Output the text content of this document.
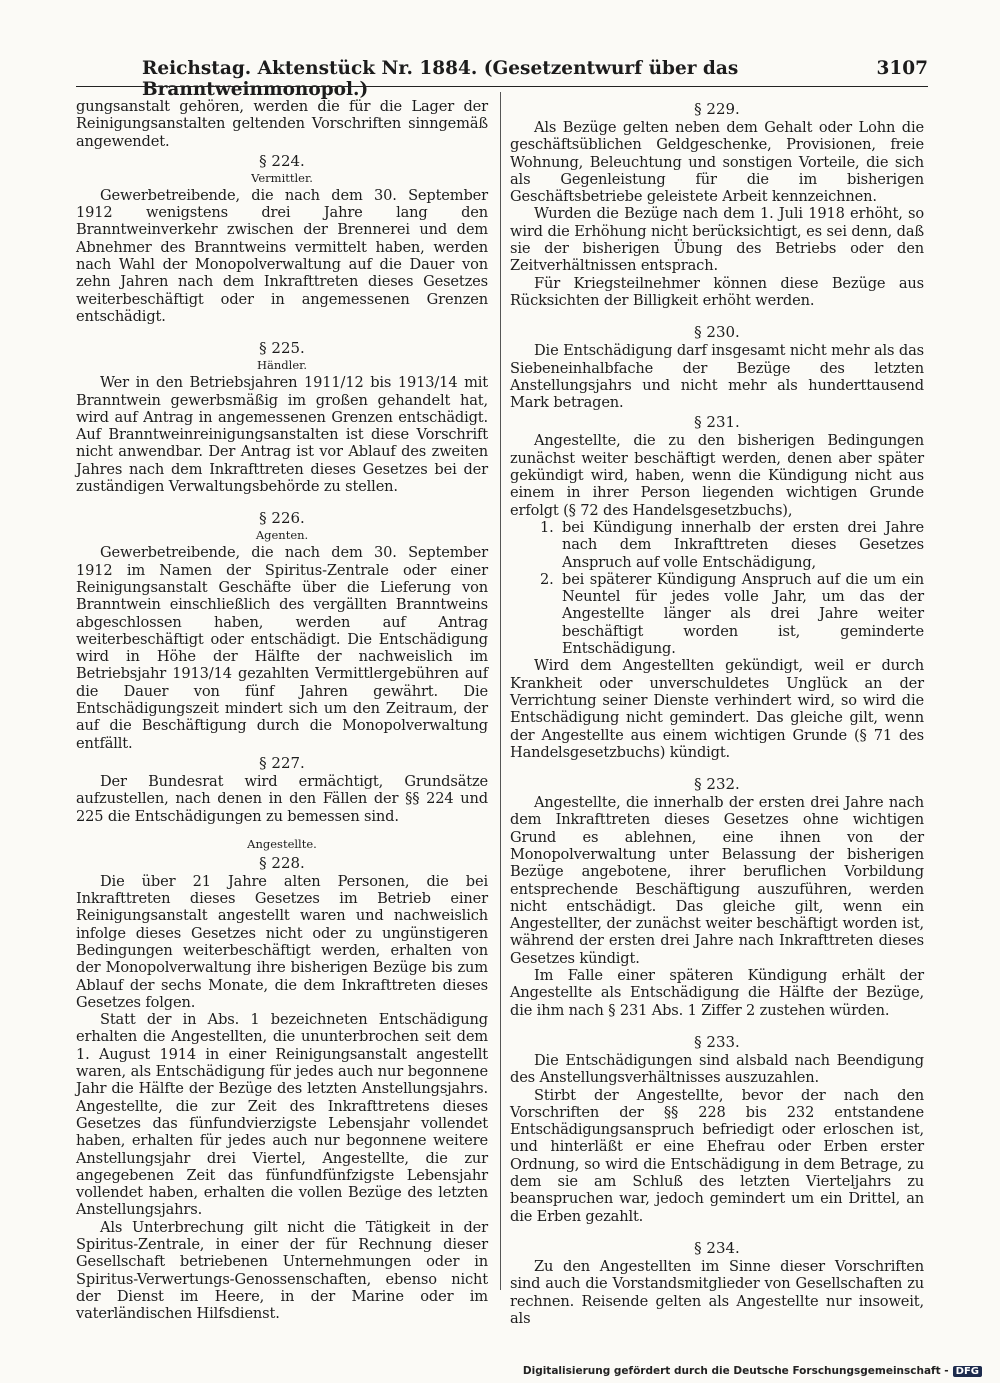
Reichstag. Aktenstück Nr. 1884. (Gesetzentwurf über das Branntweinmonopol.)
3107

gungsanstalt gehören, werden die für die Lager der Reinigungsanstalten geltenden Vorschriften sinngemäß angewendet.

§ 224.
Vermittler.

Gewerbetreibende, die nach dem 30. September 1912 wenigstens drei Jahre lang den Branntweinverkehr zwischen der Brennerei und dem Abnehmer des Branntweins vermittelt haben, werden nach Wahl der Monopolverwaltung auf die Dauer von zehn Jahren nach dem Inkrafttreten dieses Gesetzes weiterbeschäftigt oder in angemessenen Grenzen entschädigt.

§ 225.
Händler.

Wer in den Betriebsjahren 1911/12 bis 1913/14 mit Branntwein gewerbsmäßig im großen gehandelt hat, wird auf Antrag in angemessenen Grenzen entschädigt. Auf Branntweinreinigungsanstalten ist diese Vorschrift nicht anwendbar. Der Antrag ist vor Ablauf des zweiten Jahres nach dem Inkrafttreten dieses Gesetzes bei der zuständigen Verwaltungsbehörde zu stellen.

§ 226.
Agenten.

Gewerbetreibende, die nach dem 30. September 1912 im Namen der Spiritus-Zentrale oder einer Reinigungsanstalt Geschäfte über die Lieferung von Branntwein einschließlich des vergällten Branntweins abgeschlossen haben, werden auf Antrag weiterbeschäftigt oder entschädigt. Die Entschädigung wird in Höhe der Hälfte der nachweislich im Betriebsjahr 1913/14 gezahlten Vermittlergebühren auf die Dauer von fünf Jahren gewährt. Die Entschädigungszeit mindert sich um den Zeitraum, der auf die Beschäftigung durch die Monopolverwaltung entfällt.

§ 227.

Der Bundesrat wird ermächtigt, Grundsätze aufzustellen, nach denen in den Fällen der §§ 224 und 225 die Entschädigungen zu bemessen sind.

Angestellte.
§ 228.

Die über 21 Jahre alten Personen, die bei Inkrafttreten dieses Gesetzes im Betrieb einer Reinigungsanstalt angestellt waren und nachweislich infolge dieses Gesetzes nicht oder zu ungünstigeren Bedingungen weiterbeschäftigt werden, erhalten von der Monopolverwaltung ihre bisherigen Bezüge bis zum Ablauf der sechs Monate, die dem Inkrafttreten dieses Gesetzes folgen.

Statt der in Abs. 1 bezeichneten Entschädigung erhalten die Angestellten, die ununterbrochen seit dem 1. August 1914 in einer Reinigungsanstalt angestellt waren, als Entschädigung für jedes auch nur begonnene Jahr die Hälfte der Bezüge des letzten Anstellungsjahrs. Angestellte, die zur Zeit des Inkrafttretens dieses Gesetzes das fünfundvierzigste Lebensjahr vollendet haben, erhalten für jedes auch nur begonnene weitere Anstellungsjahr drei Viertel, Angestellte, die zur angegebenen Zeit das fünfundfünfzigste Lebensjahr vollendet haben, erhalten die vollen Bezüge des letzten Anstellungsjahrs.

Als Unterbrechung gilt nicht die Tätigkeit in der Spiritus-Zentrale, in einer der für Rechnung dieser Gesellschaft betriebenen Unternehmungen oder in Spiritus-Verwertungs-Genossenschaften, ebenso nicht der Dienst im Heere, in der Marine oder im vaterländischen Hilfsdienst.

§ 229.

Als Bezüge gelten neben dem Gehalt oder Lohn die geschäftsüblichen Geldgeschenke, Provisionen, freie Wohnung, Beleuchtung und sonstigen Vorteile, die sich als Gegenleistung für die im bisherigen Geschäftsbetriebe geleistete Arbeit kennzeichnen.

Wurden die Bezüge nach dem 1. Juli 1918 erhöht, so wird die Erhöhung nicht berücksichtigt, es sei denn, daß sie der bisherigen Übung des Betriebs oder den Zeitverhältnissen entsprach.

Für Kriegsteilnehmer können diese Bezüge aus Rücksichten der Billigkeit erhöht werden.

§ 230.

Die Entschädigung darf insgesamt nicht mehr als das Siebeneinhalbfache der Bezüge des letzten Anstellungsjahrs und nicht mehr als hunderttausend Mark betragen.

§ 231.

Angestellte, die zu den bisherigen Bedingungen zunächst weiter beschäftigt werden, denen aber später gekündigt wird, haben, wenn die Kündigung nicht aus einem in ihrer Person liegenden wichtigen Grunde erfolgt (§ 72 des Handelsgesetzbuchs),

1. bei Kündigung innerhalb der ersten drei Jahre nach dem Inkrafttreten dieses Gesetzes Anspruch auf volle Entschädigung,
2. bei späterer Kündigung Anspruch auf die um ein Neuntel für jedes volle Jahr, um das der Angestellte länger als drei Jahre weiter beschäftigt worden ist, geminderte Entschädigung.

Wird dem Angestellten gekündigt, weil er durch Krankheit oder unverschuldetes Unglück an der Verrichtung seiner Dienste verhindert wird, so wird die Entschädigung nicht gemindert. Das gleiche gilt, wenn der Angestellte aus einem wichtigen Grunde (§ 71 des Handelsgesetzbuchs) kündigt.

§ 232.

Angestellte, die innerhalb der ersten drei Jahre nach dem Inkrafttreten dieses Gesetzes ohne wichtigen Grund es ablehnen, eine ihnen von der Monopolverwaltung unter Belassung der bisherigen Bezüge angebotene, ihrer beruflichen Vorbildung entsprechende Beschäftigung auszuführen, werden nicht entschädigt. Das gleiche gilt, wenn ein Angestellter, der zunächst weiter beschäftigt worden ist, während der ersten drei Jahre nach Inkrafttreten dieses Gesetzes kündigt.

Im Falle einer späteren Kündigung erhält der Angestellte als Entschädigung die Hälfte der Bezüge, die ihm nach § 231 Abs. 1 Ziffer 2 zustehen würden.

§ 233.

Die Entschädigungen sind alsbald nach Beendigung des Anstellungsverhältnisses auszuzahlen.

Stirbt der Angestellte, bevor der nach den Vorschriften der §§ 228 bis 232 entstandene Entschädigungsanspruch befriedigt oder erloschen ist, und hinterläßt er eine Ehefrau oder Erben erster Ordnung, so wird die Entschädigung in dem Betrage, zu dem sie am Schluß des letzten Vierteljahrs zu beanspruchen war, jedoch gemindert um ein Drittel, an die Erben gezahlt.

§ 234.

Zu den Angestellten im Sinne dieser Vorschriften sind auch die Vorstandsmitglieder von Gesellschaften zu rechnen. Reisende gelten als Angestellte nur insoweit, als

Digitalisierung gefördert durch die Deutsche Forschungsgemeinschaft - DFG
